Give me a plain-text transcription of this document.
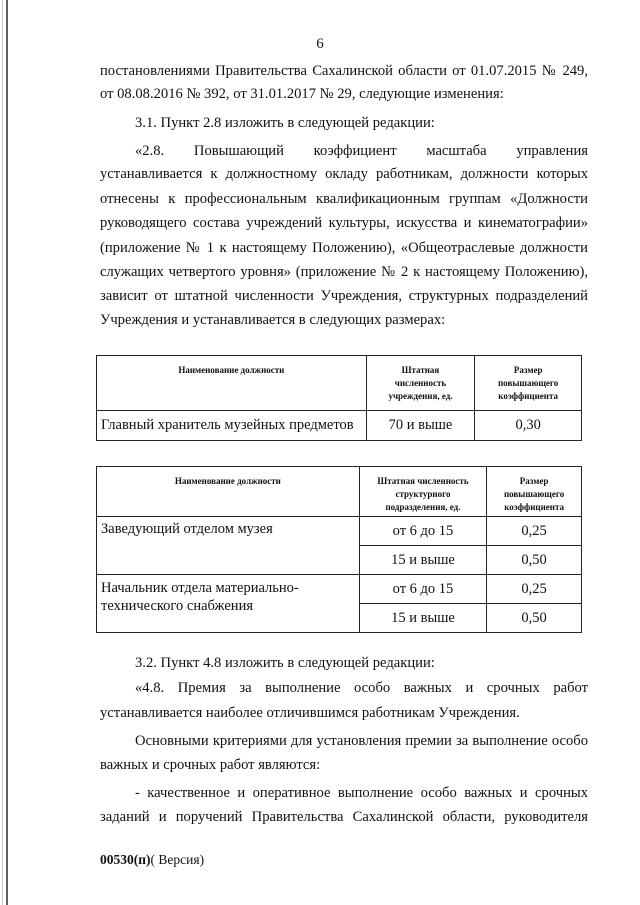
6

постановлениями Правительства Сахалинской области от 01.07.2015 № 249,

от 08.08.2016 № 392, от 31.01.2017 № 29, следующие изменения:

3.1. Пункт 2.8 изложить в следующей редакции:

«2.8. Повышающий коэффициент масштаба управления

устанавливается к должностному окладу работникам, должности которых

отнесены к профессиональным квалификационным группам «Должности

руководящего состава учреждений культуры, искусства и кинематографии»

(приложение № 1 к настоящему Положению), «Общеотраслевые должности

служащих четвертого уровня» (приложение № 2 к настоящему Положению),

зависит от штатной численности Учреждения, структурных подразделений

Учреждения и устанавливается в следующих размерах:

Наименование должности	Штатная
численность
учреждения, ед.	Размер
повышающего
коэффициента
Главный хранитель музейных предметов	70 и выше	0,30
Наименование должности	Штатная численность
структурного
подразделения, ед.	Размер
повышающего
коэффициента
Заведующий отделом музея	от 6 до 15	0,25
	15 и выше	0,50
Начальник отдела материально-
технического снабжения	от 6 до 15	0,25
	15 и выше	0,50

3.2. Пункт 4.8 изложить в следующей редакции:

«4.8. Премия за выполнение особо важных и срочных работ

устанавливается наиболее отличившимся работникам Учреждения.

Основными критериями для установления премии за выполнение особо

важных и срочных работ являются:

- качественное и оперативное выполнение особо важных и срочных

заданий и поручений Правительства Сахалинской области, руководителя

00530(п)( Версия)
